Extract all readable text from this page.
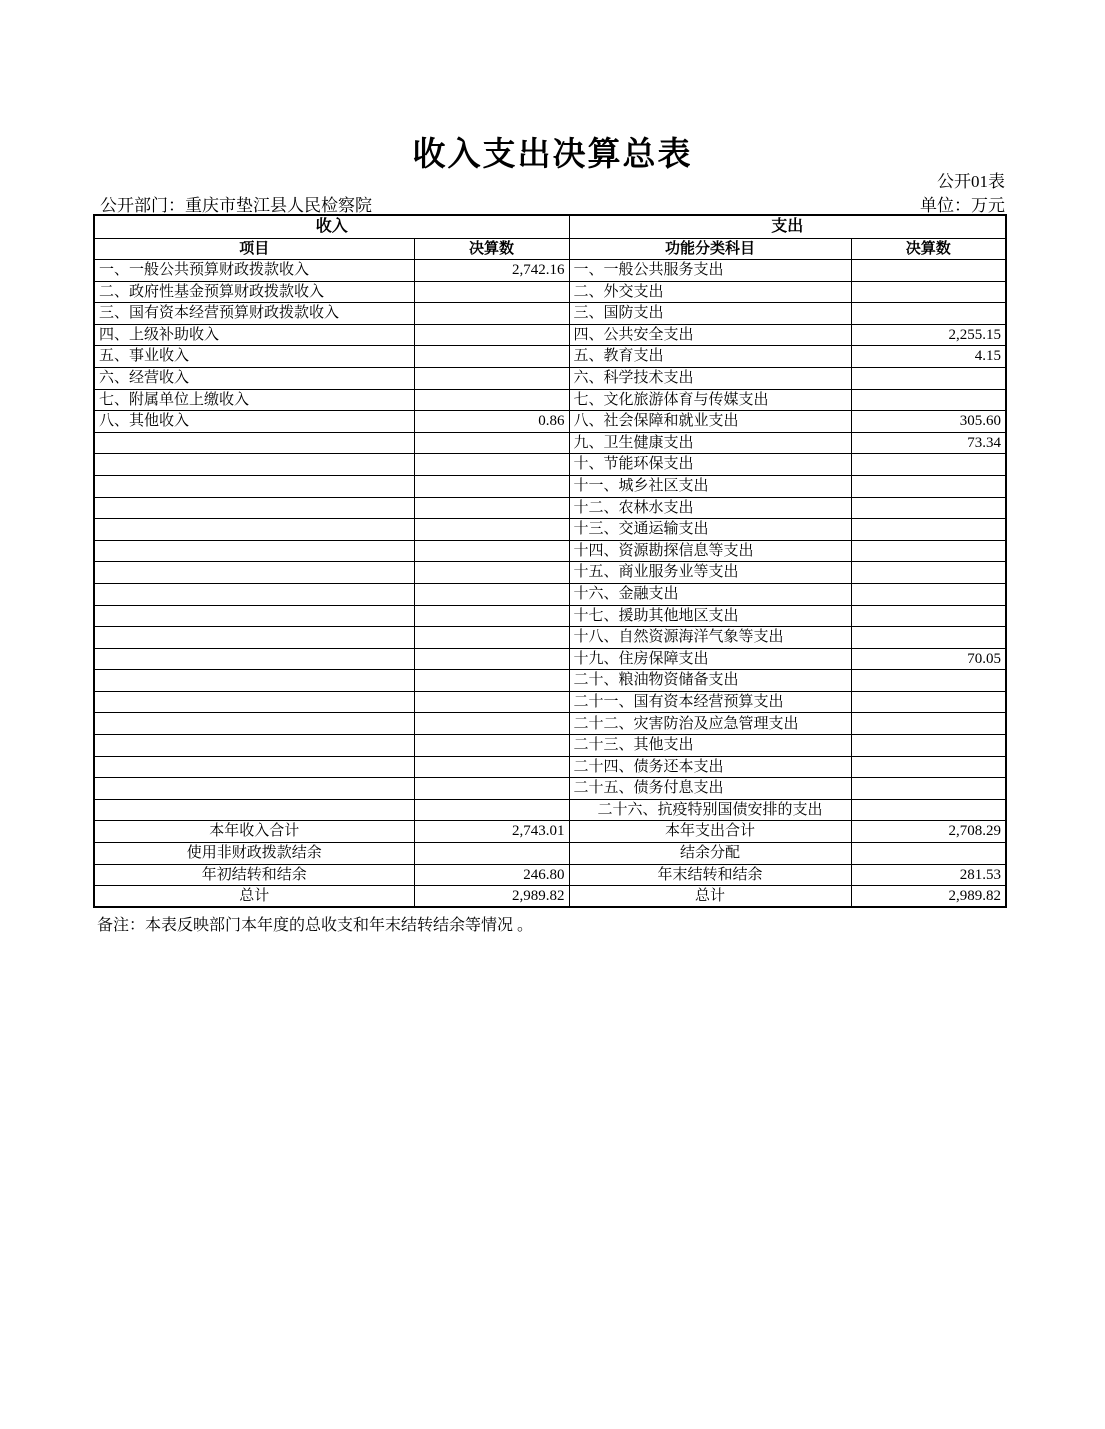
收入支出决算总表
公开01表
公开部门：重庆市垫江县人民检察院	单位：万元
收入		支出	
项目	决算数	功能分类科目	决算数
一、一般公共预算财政拨款收入	2,742.16	一、一般公共服务支出	
二、政府性基金预算财政拨款收入		二、外交支出	
三、国有资本经营预算财政拨款收入		三、国防支出	
四、上级补助收入		四、公共安全支出	2,255.15
五、事业收入		五、教育支出	4.15
六、经营收入		六、科学技术支出	
七、附属单位上缴收入		七、文化旅游体育与传媒支出	
八、其他收入	0.86	八、社会保障和就业支出	305.60
		九、卫生健康支出	73.34
		十、节能环保支出	
		十一、城乡社区支出	
		十二、农林水支出	
		十三、交通运输支出	
		十四、资源勘探信息等支出	
		十五、商业服务业等支出	
		十六、金融支出	
		十七、援助其他地区支出	
		十八、自然资源海洋气象等支出	
		十九、住房保障支出	70.05
		二十、粮油物资储备支出	
		二十一、国有资本经营预算支出	
		二十二、灾害防治及应急管理支出	
		二十三、其他支出	
		二十四、债务还本支出	
		二十五、债务付息支出	
		二十六、抗疫特别国债安排的支出	
本年收入合计	2,743.01	本年支出合计	2,708.29
使用非财政拨款结余		结余分配	
年初结转和结余	246.80	年末结转和结余	281.53
总计	2,989.82	总计	2,989.82
备注：本表反映部门本年度的总收支和年末结转结余等情况 。
